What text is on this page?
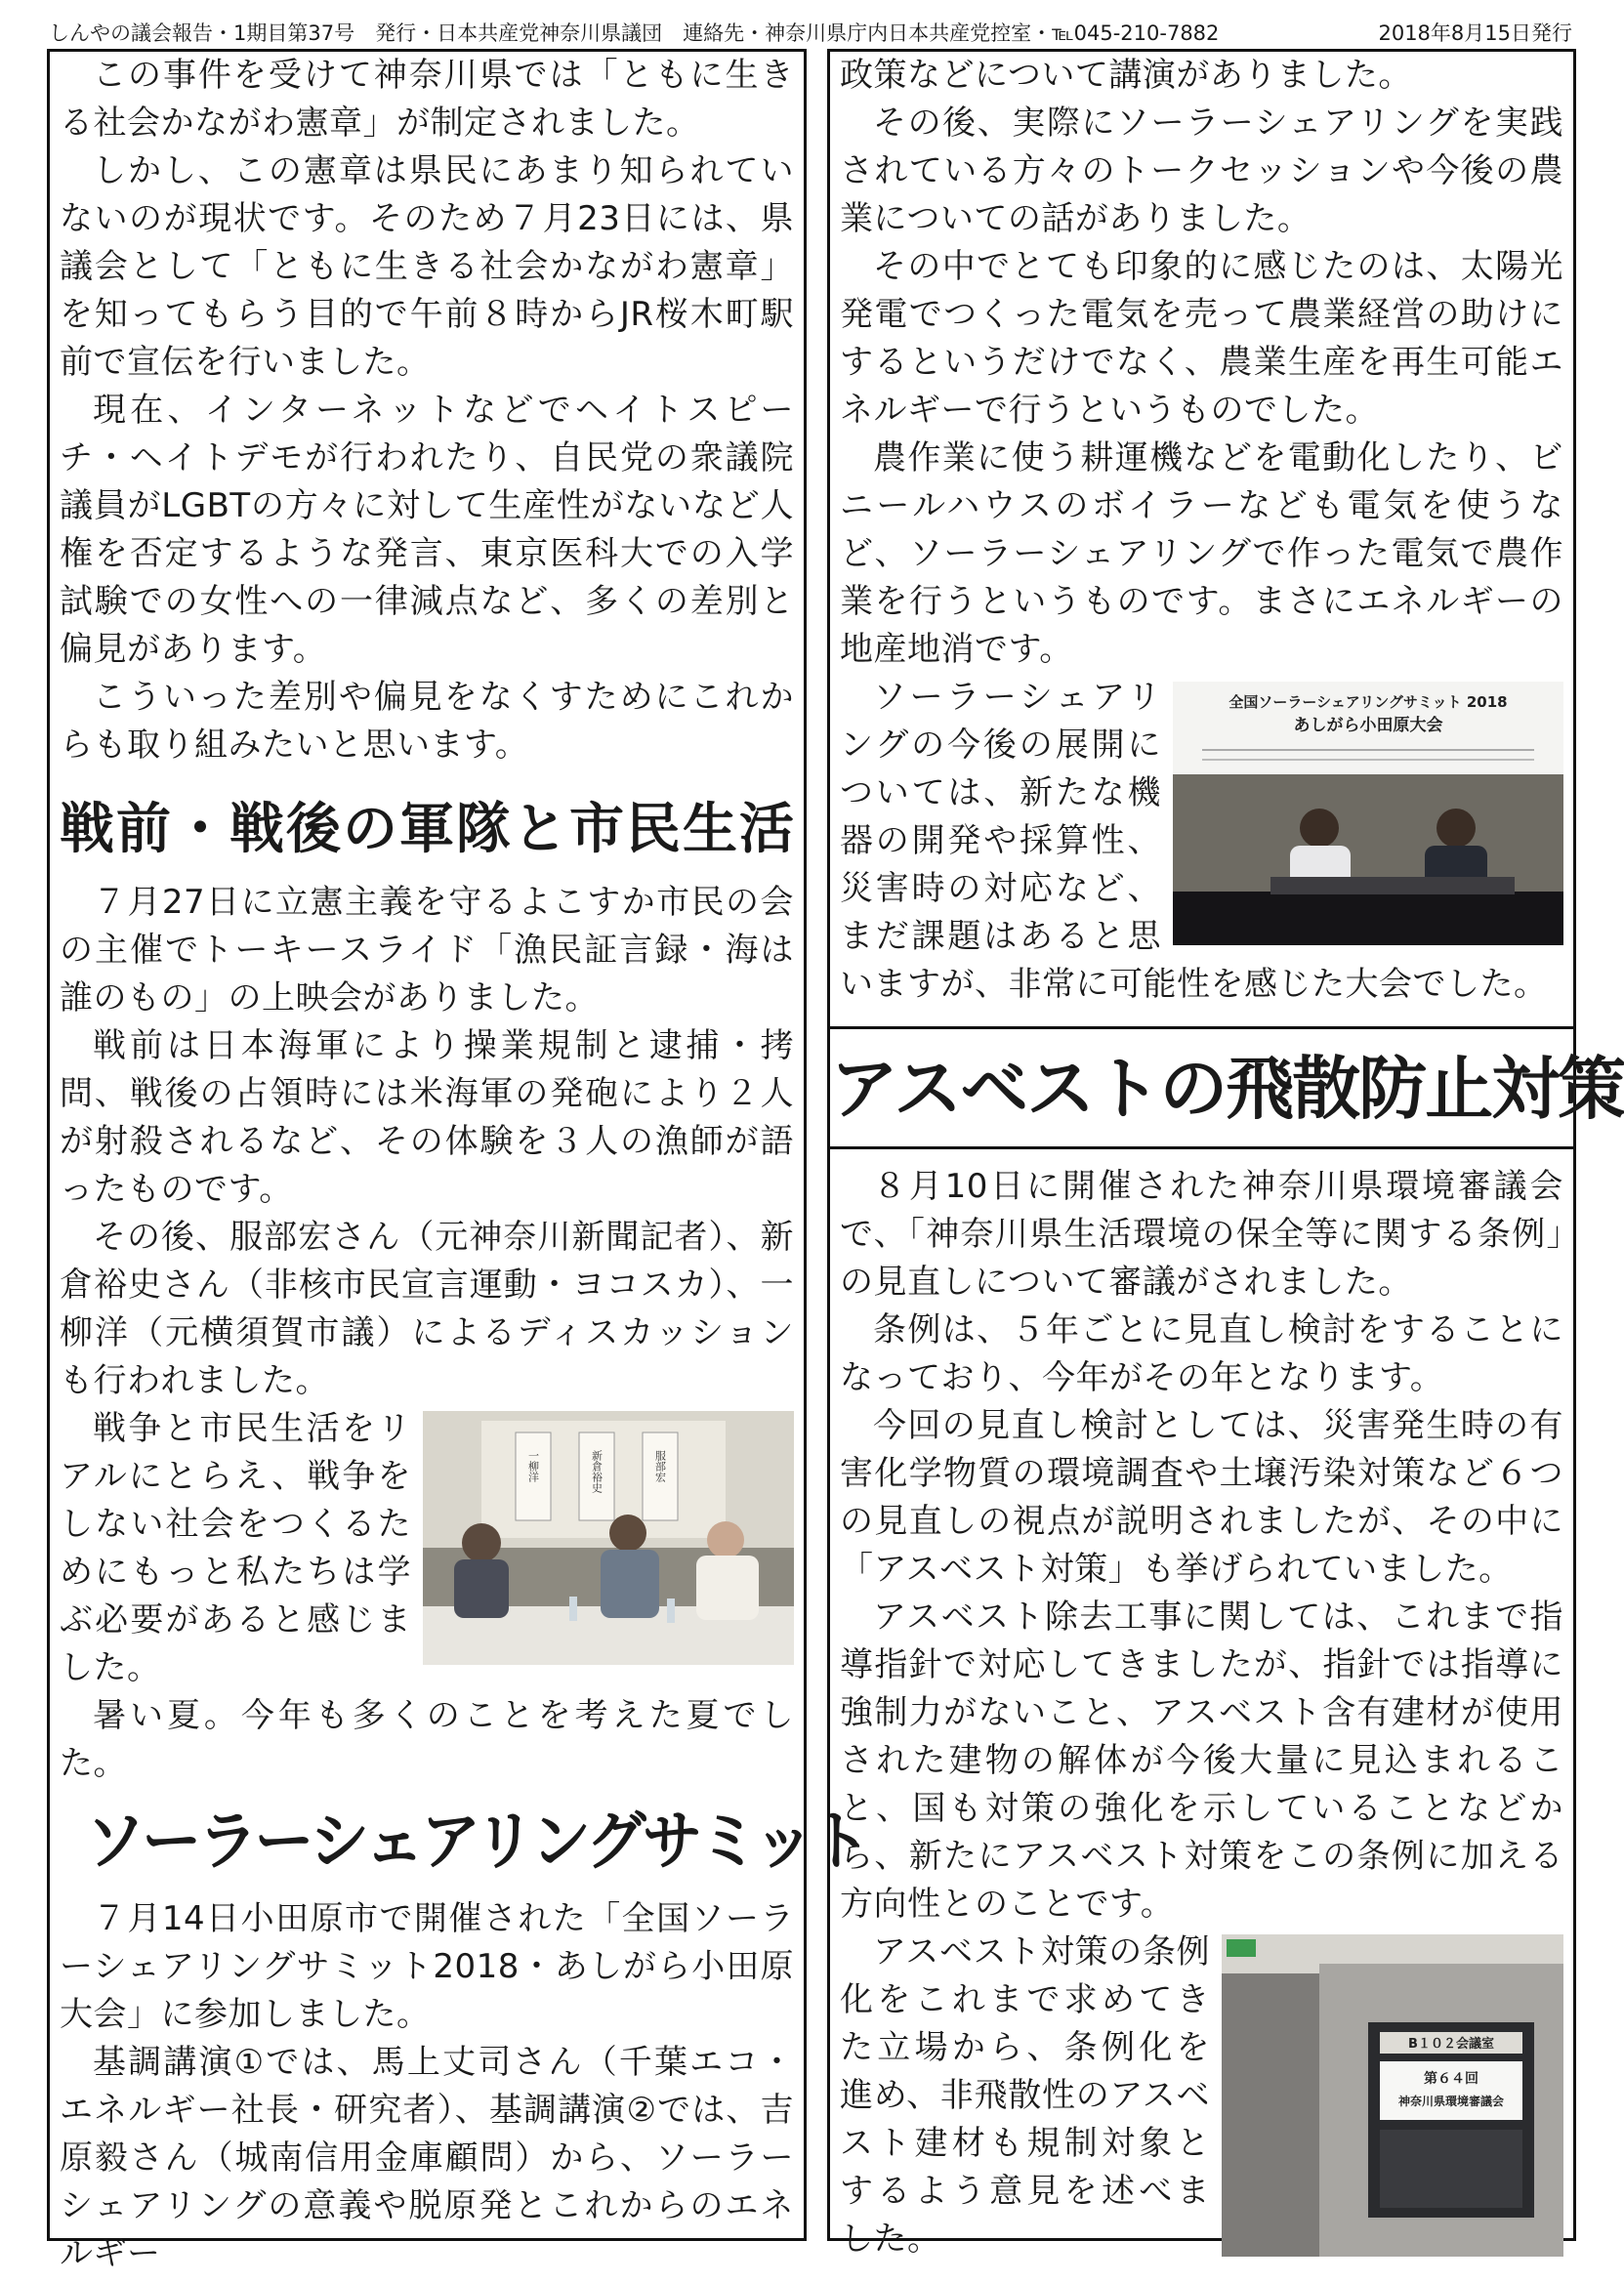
しんやの議会報告・1期目第37号　発行・日本共産党神奈川県議団　連絡先・神奈川県庁内日本共産党控室・℡045-210-7882	2018年8月15日発行

この事件を受けて神奈川県では「ともに生きる社会かながわ憲章」が制定されました。

しかし、この憲章は県民にあまり知られていないのが現状です。そのため７月23日には、県議会として「ともに生きる社会かながわ憲章」を知ってもらう目的で午前８時からJR桜木町駅前で宣伝を行いました。

現在、インターネットなどでヘイトスピーチ・ヘイトデモが行われたり、自民党の衆議院議員がLGBTの方々に対して生産性がないなど人権を否定するような発言、東京医科大での入学試験での女性への一律減点など、多くの差別と偏見があります。

こういった差別や偏見をなくすためにこれからも取り組みたいと思います。

戦前・戦後の軍隊と市民生活

７月27日に立憲主義を守るよこすか市民の会の主催でトーキースライド「漁民証言録・海は誰のもの」の上映会がありました。

戦前は日本海軍により操業規制と逮捕・拷問、戦後の占領時には米海軍の発砲により２人が射殺されるなど、その体験を３人の漁師が語ったものです。

その後、服部宏さん（元神奈川新聞記者）、新倉裕史さん（非核市民宣言運動・ヨコスカ）、一柳洋（元横須賀市議）によるディスカッションも行われました。

一柳洋	新倉裕史	服部宏

戦争と市民生活をリアルにとらえ、戦争をしない社会をつくるためにもっと私たちは学ぶ必要があると感じました。

暑い夏。今年も多くのことを考えた夏でした。

ソーラーシェアリングサミット

７月14日小田原市で開催された「全国ソーラーシェアリングサミット2018・あしがら小田原大会」に参加しました。

基調講演①では、馬上丈司さん（千葉エコ・エネルギー社長・研究者）、基調講演②では、吉原毅さん（城南信用金庫顧問）から、ソーラーシェアリングの意義や脱原発とこれからのエネルギー

政策などについて講演がありました。

その後、実際にソーラーシェアリングを実践されている方々のトークセッションや今後の農業についての話がありました。

その中でとても印象的に感じたのは、太陽光発電でつくった電気を売って農業経営の助けにするというだけでなく、農業生産を再生可能エネルギーで行うというものでした。

農作業に使う耕運機などを電動化したり、ビニールハウスのボイラーなども電気を使うなど、ソーラーシェアリングで作った電気で農作業を行うというものです。まさにエネルギーの地産地消です。

全国ソーラーシェアリングサミット 2018
あしがら小田原大会

ソーラーシェアリングの今後の展開については、新たな機器の開発や採算性、災害時の対応など、まだ課題はあると思いますが、非常に可能性を感じた大会でした。

アスベストの飛散防止対策

８月10日に開催された神奈川県環境審議会で、「神奈川県生活環境の保全等に関する条例」の見直しについて審議がされました。

条例は、５年ごとに見直し検討をすることになっており、今年がその年となります。

今回の見直し検討としては、災害発生時の有害化学物質の環境調査や土壌汚染対策など６つの見直しの視点が説明されましたが、その中に「アスベスト対策」も挙げられていました。

アスベスト除去工事に関しては、これまで指導指針で対応してきましたが、指針では指導に強制力がないこと、アスベスト含有建材が使用された建物の解体が今後大量に見込まれること、国も対策の強化を示していることなどから、新たにアスベスト対策をこの条例に加える方向性とのことです。

B１０２会議室
第６４回
神奈川県環境審議会

アスベスト対策の条例化をこれまで求めてきた立場から、条例化を進め、非飛散性のアスベスト建材も規制対象とするよう意見を述べました。
